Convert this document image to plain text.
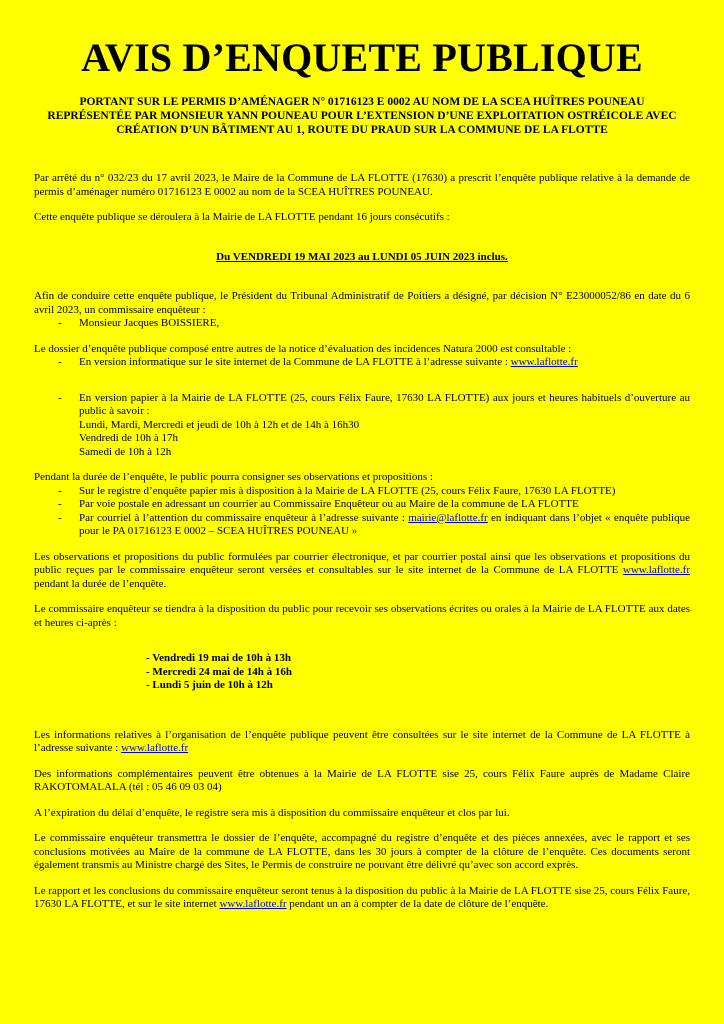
AVIS D’ENQUETE PUBLIQUE
PORTANT SUR LE PERMIS D’AMÉNAGER N° 01716123 E 0002 AU NOM DE LA SCEA HUÎTRES POUNEAU REPRÉSENTÉE PAR MONSIEUR YANN POUNEAU POUR L’EXTENSION D’UNE EXPLOITATION OSTRÉICOLE AVEC CRÉATION D’UN BÂTIMENT AU 1, ROUTE DU PRAUD SUR LA COMMUNE DE LA FLOTTE

Par arrêté du n° 032/23 du 17 avril 2023, le Maire de la Commune de LA FLOTTE (17630) a prescrit l’enquête publique relative à la demande de permis d’aménager numéro 01716123 E 0002 au nom de la SCEA HUÎTRES POUNEAU.

Cette enquête publique se déroulera à la Mairie de LA FLOTTE pendant 16 jours consécutifs :

Du VENDREDI 19 MAI 2023 au LUNDI 05 JUIN 2023 inclus.

Afin de conduire cette enquête publique, le Président du Tribunal Administratif de Poitiers a désigné, par décision N° E23000052/86 en date du 6 avril 2023, un commissaire enquêteur :

- Monsieur Jacques BOISSIERE,

Le dossier d’enquête publique composé entre autres de la notice d’évaluation des incidences Natura 2000 est consultable :

- En version informatique sur le site internet de la Commune de LA FLOTTE à l’adresse suivante : www.laflotte.fr
- En version papier à la Mairie de LA FLOTTE (25, cours Félix Faure, 17630 LA FLOTTE) aux jours et heures habituels d’ouverture au public à savoir :
Lundi, Mardi, Mercredi et jeudi de 10h à 12h et de 14h à 16h30
Vendredi de 10h à 17h
Samedi de 10h à 12h

Pendant la durée de l’enquête, le public pourra consigner ses observations et propositions :

- Sur le registre d’enquête papier mis à disposition à la Mairie de LA FLOTTE (25, cours Félix Faure, 17630 LA FLOTTE)
- Par voie postale en adressant un courrier au Commissaire Enquêteur ou au Maire de la commune de LA FLOTTE
- Par courriel à l’attention du commissaire enquêteur à l’adresse suivante : mairie@laflotte.fr en indiquant dans l’objet « enquête publique pour le PA 01716123 E 0002 – SCEA HUÎTRES POUNEAU »

Les observations et propositions du public formulées par courrier électronique, et par courrier postal ainsi que les observations et propositions du public reçues par le commissaire enquêteur seront versées et consultables sur le site internet de la Commune de LA FLOTTE www.laflotte.fr pendant la durée de l’enquête.

Le commissaire enquêteur se tiendra à la disposition du public pour recevoir ses observations écrites ou orales à la Mairie de LA FLOTTE aux dates et heures ci-après :

- Vendredi 19 mai de 10h à 13h
- Mercredi 24 mai de 14h à 16h
- Lundi 5 juin de 10h à 12h

Les informations relatives à l’organisation de l’enquête publique peuvent être consultées sur le site internet de la Commune de LA FLOTTE à l’adresse suivante : www.laflotte.fr

Des informations complémentaires peuvent être obtenues à la Mairie de LA FLOTTE sise 25, cours Félix Faure auprès de Madame Claire RAKOTOMALALA (tél : 05 46 09 03 04)

A l’expiration du délai d’enquête, le registre sera mis à disposition du commissaire enquêteur et clos par lui.

Le commissaire enquêteur transmettra le dossier de l’enquête, accompagné du registre d’enquête et des pièces annexées, avec le rapport et ses conclusions motivées au Maire de la commune de LA FLOTTE, dans les 30 jours à compter de la clôture de l’enquête. Ces documents seront également transmis au Ministre chargé des Sites, le Permis de construire ne pouvant être délivré qu’avec son accord exprès.

Le rapport et les conclusions du commissaire enquêteur seront tenus à la disposition du public à la Mairie de LA FLOTTE sise 25, cours Félix Faure, 17630 LA FLOTTE, et sur le site internet www.laflotte.fr pendant un an à compter de la date de clôture de l’enquête.
